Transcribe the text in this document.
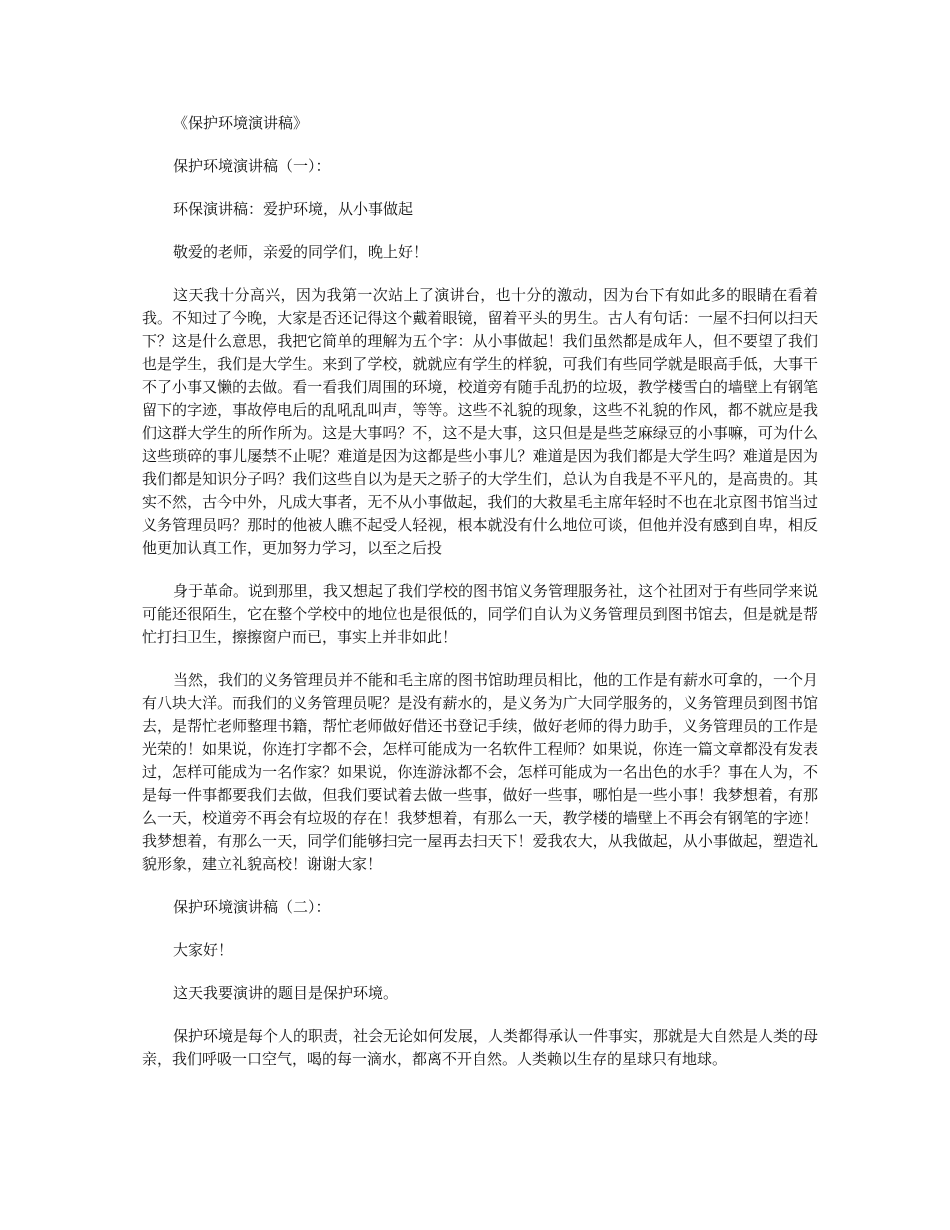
《保护环境演讲稿》

保护环境演讲稿（一）：

环保演讲稿：爱护环境，从小事做起

敬爱的老师，亲爱的同学们，晚上好！

这天我十分高兴，因为我第一次站上了演讲台，也十分的激动，因为台下有如此多的眼睛在看着我。不知过了今晚，大家是否还记得这个戴着眼镜，留着平头的男生。古人有句话：一屋不扫何以扫天下？这是什么意思，我把它简单的理解为五个字：从小事做起！我们虽然都是成年人，但不要望了我们也是学生，我们是大学生。来到了学校，就就应有学生的样貌，可我们有些同学就是眼高手低，大事干不了小事又懒的去做。看一看我们周围的环境，校道旁有随手乱扔的垃圾，教学楼雪白的墙壁上有钢笔留下的字迹，事故停电后的乱吼乱叫声，等等。这些不礼貌的现象，这些不礼貌的作风，都不就应是我们这群大学生的所作所为。这是大事吗？不，这不是大事，这只但是是些芝麻绿豆的小事嘛，可为什么这些琐碎的事儿屡禁不止呢？难道是因为这都是些小事儿？难道是因为我们都是大学生吗？难道是因为我们都是知识分子吗？我们这些自以为是天之骄子的大学生们，总认为自我是不平凡的，是高贵的。其实不然，古今中外，凡成大事者，无不从小事做起，我们的大救星毛主席年轻时不也在北京图书馆当过义务管理员吗？那时的他被人瞧不起受人轻视，根本就没有什么地位可谈，但他并没有感到自卑，相反他更加认真工作，更加努力学习，以至之后投

身于革命。说到那里，我又想起了我们学校的图书馆义务管理服务社，这个社团对于有些同学来说可能还很陌生，它在整个学校中的地位也是很低的，同学们自认为义务管理员到图书馆去，但是就是帮忙打扫卫生，擦擦窗户而已，事实上并非如此！

当然，我们的义务管理员并不能和毛主席的图书馆助理员相比，他的工作是有薪水可拿的，一个月有八块大洋。而我们的义务管理员呢？是没有薪水的，是义务为广大同学服务的，义务管理员到图书馆去，是帮忙老师整理书籍，帮忙老师做好借还书登记手续，做好老师的得力助手，义务管理员的工作是光荣的！如果说，你连打字都不会，怎样可能成为一名软件工程师？如果说，你连一篇文章都没有发表过，怎样可能成为一名作家？如果说，你连游泳都不会，怎样可能成为一名出色的水手？事在人为，不是每一件事都要我们去做，但我们要试着去做一些事，做好一些事，哪怕是一些小事！我梦想着，有那么一天，校道旁不再会有垃圾的存在！我梦想着，有那么一天，教学楼的墙壁上不再会有钢笔的字迹！我梦想着，有那么一天，同学们能够扫完一屋再去扫天下！爱我农大，从我做起，从小事做起，塑造礼貌形象，建立礼貌高校！谢谢大家！

保护环境演讲稿（二）：

大家好！

这天我要演讲的题目是保护环境。

保护环境是每个人的职责，社会无论如何发展，人类都得承认一件事实，那就是大自然是人类的母亲，我们呼吸一口空气，喝的每一滴水，都离不开自然。人类赖以生存的星球只有地球。
